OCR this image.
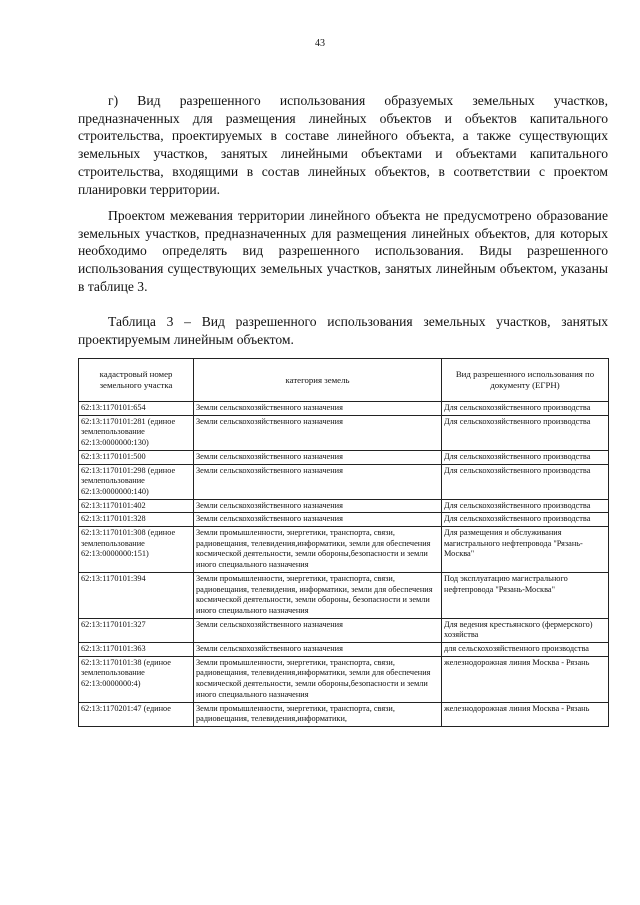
43

г) Вид разрешенного использования образуемых земельных участков, предназначенных для размещения линейных объектов и объектов капитального строительства, проектируемых в составе линейного объекта, а также существующих земельных участков, занятых линейными объектами и объектами капитального строительства, входящими в состав линейных объектов, в соответствии с проектом планировки территории.

Проектом межевания территории линейного объекта не предусмотрено образование земельных участков, предназначенных для размещения линейных объектов, для которых необходимо определять вид разрешенного использования. Виды разрешенного использования существующих земельных участков, занятых линейным объектом, указаны в таблице 3.

Таблица 3 – Вид разрешенного использования земельных участков, занятых проектируемым линейным объектом.

кадастровый номер земельного участка	категория земель	Вид разрешенного использования по документу (ЕГРН)
62:13:1170101:654	Земли сельскохозяйственного назначения	Для сельскохозяйственного производства
62:13:1170101:281 (единое землепользование 62:13:0000000:130)	Земли сельскохозяйственного назначения	Для сельскохозяйственного производства
62:13:1170101:500	Земли сельскохозяйственного назначения	Для сельскохозяйственного производства
62:13:1170101:298 (единое землепользование 62:13:0000000:140)	Земли сельскохозяйственного назначения	Для сельскохозяйственного производства
62:13:1170101:402	Земли сельскохозяйственного назначения	Для сельскохозяйственного производства
62:13:1170101:328	Земли сельскохозяйственного назначения	Для сельскохозяйственного производства
62:13:1170101:308 (единое землепользование 62:13:0000000:151)	Земли промышленности, энергетики, транспорта, связи, радиовещания, телевидения,информатики, земли для обеспечения космической деятельности, земли обороны,безопасности и земли иного специального назначения	Для размещения и обслуживания магистрального нефтепровода "Рязань-Москва"
62:13:1170101:394	Земли промышленности, энергетики, транспорта, связи, радиовещания, телевидения, информатики, земли для обеспечения космической деятельности, земли обороны, безопасности и земли иного специального назначения	Под эксплуатацию магистрального нефтепровода "Рязань-Москва"
62:13:1170101:327	Земли сельскохозяйственного назначения	Для ведения крестьянского (фермерского) хозяйства
62:13:1170101:363	Земли сельскохозяйственного назначения	для сельскохозяйственного производства
62:13:1170101:38 (единое землепользование 62:13:0000000:4)	Земли промышленности, энергетики, транспорта, связи, радиовещания, телевидения,информатики, земли для обеспечения космической деятельности, земли обороны,безопасности и земли иного специального назначения	железнодорожная линия Москва - Рязань
62:13:1170201:47 (единое	Земли промышленности, энергетики, транспорта, связи, радиовещания, телевидения,информатики,	железнодорожная линия Москва - Рязань
